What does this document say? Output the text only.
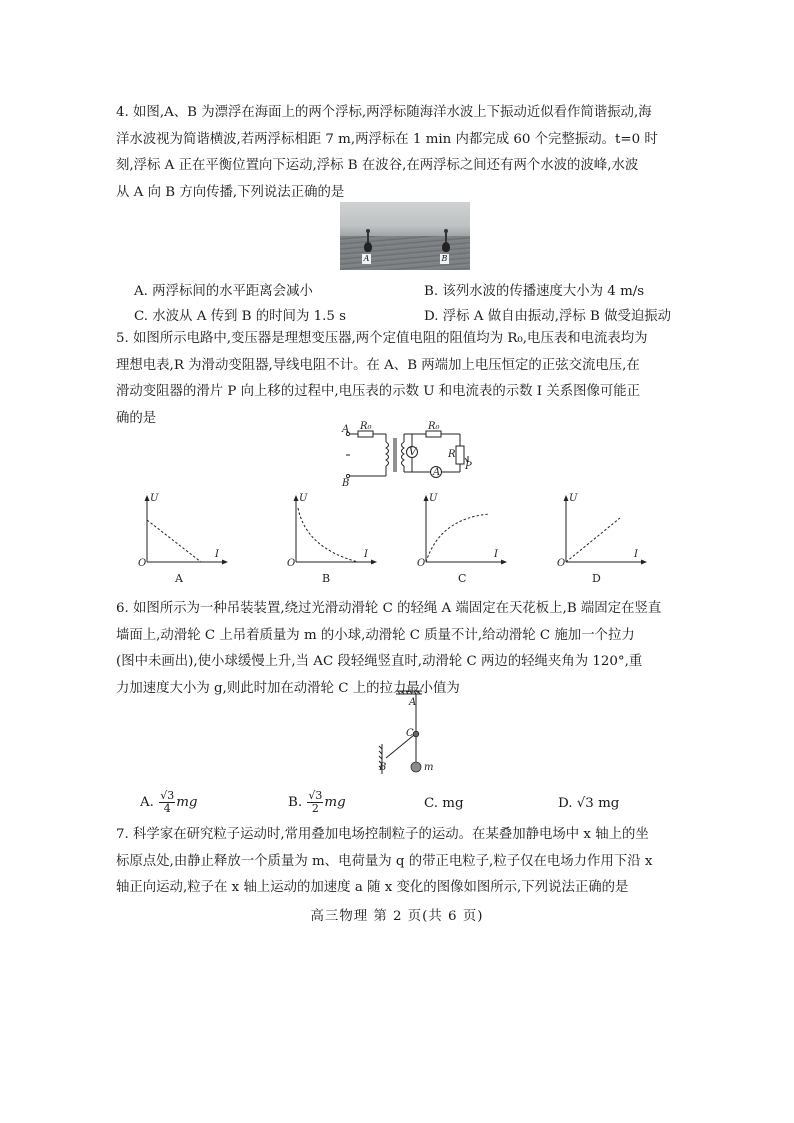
4. 如图,A、B 为漂浮在海面上的两个浮标,两浮标随海洋水波上下振动近似看作简谐振动,海
洋水波视为简谐横波,若两浮标相距 7 m,两浮标在 1 min 内都完成 60 个完整振动。t=0 时
刻,浮标 A 正在平衡位置向下运动,浮标 B 在波谷,在两浮标之间还有两个水波的波峰,水波
从 A 向 B 方向传播,下列说法正确的是
A	B
A. 两浮标间的水平距离会减小	B. 该列水波的传播速度大小为 4 m/s
C. 水波从 A 传到 B 的时间为 1.5 s	D. 浮标 A 做自由振动,浮标 B 做受迫振动
5. 如图所示电路中,变压器是理想变压器,两个定值电阻的阻值均为 R₀,电压表和电流表均为
理想电表,R 为滑动变阻器,导线电阻不计。在 A、B 两端加上电压恒定的正弦交流电压,在
滑动变阻器的滑片 P 向上移的过程中,电压表的示数 U 和电流表的示数 I 关系图像可能正
确的是
A
B
R₀	R₀
R
P
V
A
U
I
O
A
U
I
O
B
U
I
O
C
U
I
O
D
6. 如图所示为一种吊装装置,绕过光滑动滑轮 C 的轻绳 A 端固定在天花板上,B 端固定在竖直
墙面上,动滑轮 C 上吊着质量为 m 的小球,动滑轮 C 质量不计,给动滑轮 C 施加一个拉力
(图中未画出),使小球缓慢上升,当 AC 段轻绳竖直时,动滑轮 C 两边的轻绳夹角为 120°,重
力加速度大小为 g,则此时加在动滑轮 C 上的拉力最小值为
A
C
B	m
A. $\frac{√3}{4}$ mg	B. $\frac{√3}{2}$ mg	C. mg	D. √3 mg
7. 科学家在研究粒子运动时,常用叠加电场控制粒子的运动。在某叠加静电场中 x 轴上的坐
标原点处,由静止释放一个质量为 m、电荷量为 q 的带正电粒子,粒子仅在电场力作用下沿 x
轴正向运动,粒子在 x 轴上运动的加速度 a 随 x 变化的图像如图所示,下列说法正确的是
高三物理 第 2 页(共 6 页)
